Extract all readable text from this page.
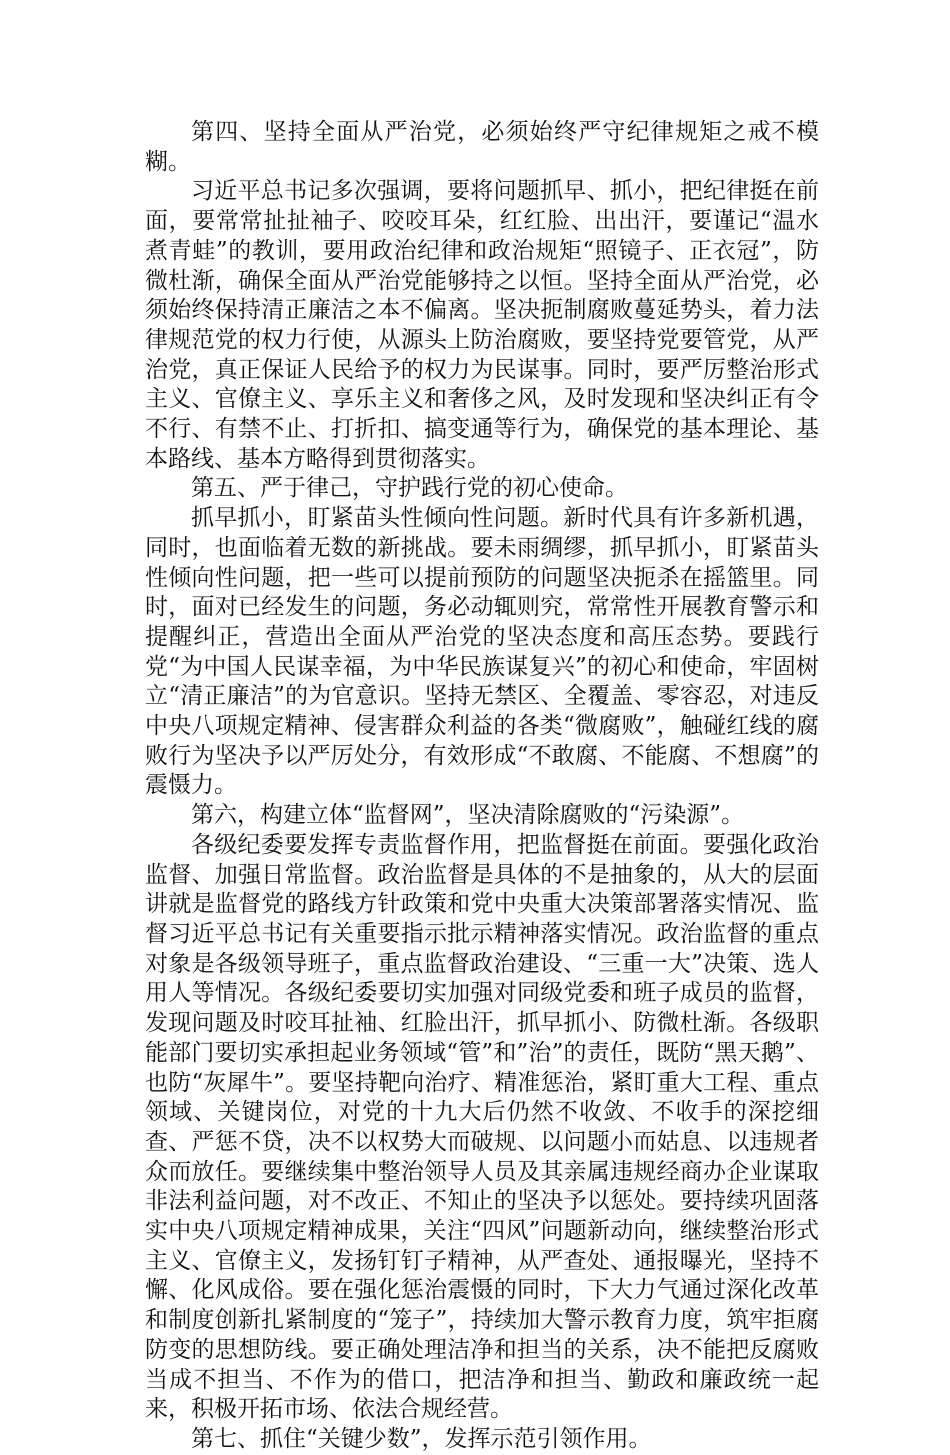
第四、坚持全面从严治党，必须始终严守纪律规矩之戒不模糊。

习近平总书记多次强调，要将问题抓早、抓小，把纪律挺在前面，要常常扯扯袖子、咬咬耳朵，红红脸、出出汗，要谨记“温水煮青蛙”的教训，要用政治纪律和政治规矩“照镜子、正衣冠”，防微杜渐，确保全面从严治党能够持之以恒。坚持全面从严治党，必须始终保持清正廉洁之本不偏离。坚决扼制腐败蔓延势头，着力法律规范党的权力行使，从源头上防治腐败，要坚持党要管党，从严治党，真正保证人民给予的权力为民谋事。同时，要严厉整治形式主义、官僚主义、享乐主义和奢侈之风，及时发现和坚决纠正有令不行、有禁不止、打折扣、搞变通等行为，确保党的基本理论、基本路线、基本方略得到贯彻落实。

第五、严于律己，守护践行党的初心使命。

抓早抓小，盯紧苗头性倾向性问题。新时代具有许多新机遇，同时，也面临着无数的新挑战。要未雨绸缪，抓早抓小，盯紧苗头性倾向性问题，把一些可以提前预防的问题坚决扼杀在摇篮里。同时，面对已经发生的问题，务必动辄则究，常常性开展教育警示和提醒纠正，营造出全面从严治党的坚决态度和高压态势。要践行党“为中国人民谋幸福，为中华民族谋复兴”的初心和使命，牢固树立“清正廉洁”的为官意识。坚持无禁区、全覆盖、零容忍，对违反中央八项规定精神、侵害群众利益的各类“微腐败”，触碰红线的腐败行为坚决予以严厉处分，有效形成“不敢腐、不能腐、不想腐”的震慑力。

第六，构建立体“监督网”，坚决清除腐败的“污染源”。

各级纪委要发挥专责监督作用，把监督挺在前面。要强化政治监督、加强日常监督。政治监督是具体的不是抽象的，从大的层面讲就是监督党的路线方针政策和党中央重大决策部署落实情况、监督习近平总书记有关重要指示批示精神落实情况。政治监督的重点对象是各级领导班子，重点监督政治建设、“三重一大”决策、选人用人等情况。各级纪委要切实加强对同级党委和班子成员的监督，发现问题及时咬耳扯袖、红脸出汗，抓早抓小、防微杜渐。各级职能部门要切实承担起业务领域“管”和”治”的责任，既防“黑天鹅”、也防“灰犀牛”。要坚持靶向治疗、精准惩治，紧盯重大工程、重点领域、关键岗位，对党的十九大后仍然不收敛、不收手的深挖细查、严惩不贷，决不以权势大而破规、以问题小而姑息、以违规者众而放任。要继续集中整治领导人员及其亲属违规经商办企业谋取非法利益问题，对不改正、不知止的坚决予以惩处。要持续巩固落实中央八项规定精神成果，关注“四风”问题新动向，继续整治形式主义、官僚主义，发扬钉钉子精神，从严查处、通报曝光，坚持不懈、化风成俗。要在强化惩治震慑的同时，下大力气通过深化改革和制度创新扎紧制度的“笼子”，持续加大警示教育力度，筑牢拒腐防变的思想防线。要正确处理洁净和担当的关系，决不能把反腐败当成不担当、不作为的借口，把洁净和担当、勤政和廉政统一起来，积极开拓市场、依法合规经营。

第七、抓住“关键少数”，发挥示范引领作用。
